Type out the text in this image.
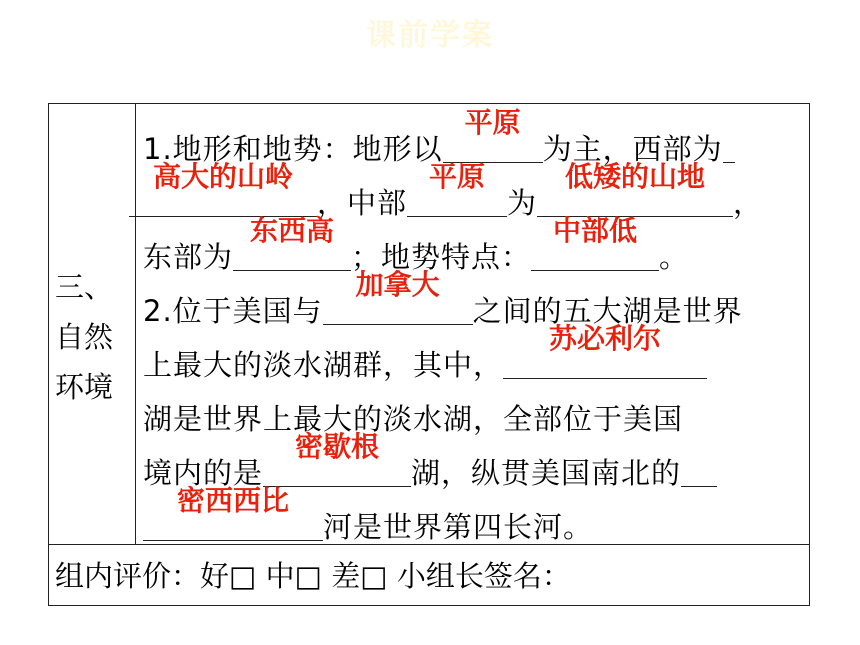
课前学案
三、
自然
环境
1.地形和地势：地形以
平原
为主，西部为
高大的山岭
，中部
平原
为
低矮的山地
，
东部为
东西高
；地势特点：
中部低
。
2.位于美国与
加拿大
之间的五大湖是世界
上最大的淡水湖群，其中，
苏必利尔
湖是世界上最大的淡水湖，全部位于美国
境内的是
密歇根
湖，纵贯美国南北的
密西西比
河是世界第四长河。
组内评价：好□ 中□ 差□ 小组长签名：
